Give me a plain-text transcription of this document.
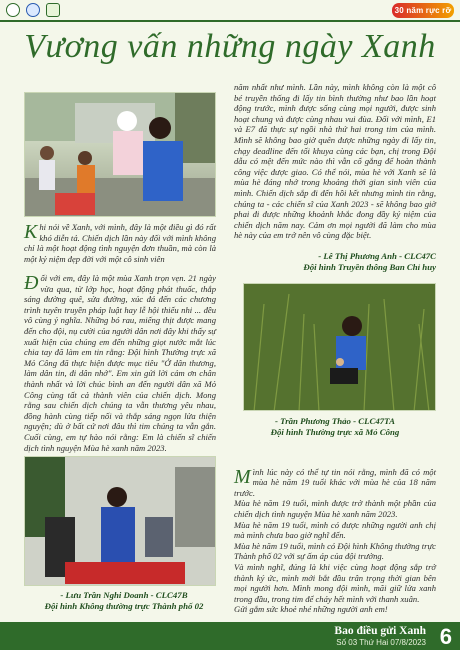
30 năm rực rỡ
Vương vấn những ngày Xanh
Khi nói về Xanh, với mình, đây là một điều gì đó rất khó diễn tả. Chiến dịch lần này đối với mình không chỉ là một hoạt động tình nguyện đơn thuần, mà còn là một kỷ niệm đẹp đời với một cô sinh viên
Đối với em, đây là một mùa Xanh trọn vẹn. 21 ngày vừa qua, từ lớp học, hoạt động phát thuốc, thắp sáng đường quê, sửa đường, xúc đá đến các chương trình tuyên truyền pháp luật hay lễ hội thiếu nhi ... đều vô cùng ý nghĩa. Những bó rau, miếng thịt được mang đến cho đội, nụ cười của người dân nơi đây khi thấy sự xuất hiện của chúng em đến những giọt nước mắt lúc chia tay đã làm em tin rằng: Đội hình Thường trực xã Mỏ Công đã thực hiện được mục tiêu "Ở dân thương, làm dân tin, đi dân nhớ". Em xin gửi lời cảm ơn chân thành nhất và lời chúc bình an đến người dân xã Mỏ Công cùng tất cả thành viên của chiến dịch. Mong rằng sau chiến dịch chúng ta vẫn thương yêu nhau, đồng hành cùng tiếp nối và thắp sáng ngọn lửa thiện nguyện; dù ở bất cứ nơi đâu thì tim chúng ta vẫn gắn. Cuối cùng, em tự hào nói rằng: Em là chiến sĩ chiến dịch tình nguyện Mùa hè xanh năm 2023.
năm nhất như mình. Lần này, mình không còn là một cô bé truyền thống đi lấy tin bình thường như bao lần hoạt động trước, mình được sống cùng mọi người, được sinh hoạt chung và được cùng nhau vui đùa. Đối với mình, E1 và E7 đã thực sự ngồi nhà thứ hai trong tim của mình. Mình sẽ không bao giờ quên được những ngày đi lấy tin, chạy deadline đến tối khuya cùng các bạn, chị trong Đội dẫu có mệt đến mức nào thì vẫn cố gắng để hoàn thành công việc được giao. Có thể nói, mùa hè với Xanh sẽ là mùa hè đáng nhớ trong khoảng thời gian sinh viên của mình. Chiến dịch sắp đi đến hồi kết nhưng mình tin rằng, chúng ta - các chiến sĩ của Xanh 2023 - sẽ không bao giờ phai đi được những khoảnh khắc đong đầy kỷ niệm của chiến dịch năm nay. Cảm ơn mọi người đã làm cho mùa hè này của em trở nên vô cùng đặc biệt.
- Lê Thị Phương Anh - CLC47C
Đội hình Truyền thông Ban Chỉ huy
- Trần Phương Thảo - CLC47TA
Đội hình Thường trực xã Mỏ Công
- Lưu Trần Nghi Doanh - CLC47B
Đội hình Không thường trực Thành phố 02

Mình lúc này có thể tự tin nói rằng, mình đã có một mùa hè năm 19 tuổi khác với mùa hè của 18 năm trước.
Mùa hè năm 19 tuổi, mình được trở thành một phần của chiến dịch tình nguyện Mùa hè xanh năm 2023.
Mùa hè năm 19 tuổi, mình có được những người anh chị mà mình chưa bao giờ nghĩ đến.
Mùa hè năm 19 tuổi, mình có Đội hình Không thường trực Thành phố 02 với sự ấm áp của đội trưởng.
Và mình nghĩ, đúng là khi việc cùng hoạt động sắp trở thành ký ức, mình mới bắt đầu trân trọng thời gian bên mọi người hơn. Mình mong đội mình, mãi giữ lửa xanh trong đầu, trong tim để cháy hết mình với thanh xuân.
Gửi gắm sức khoẻ nhé những người anh em!

Bao điều gửi Xanh
Số 03 Thứ Hai 07/8/2023 6
